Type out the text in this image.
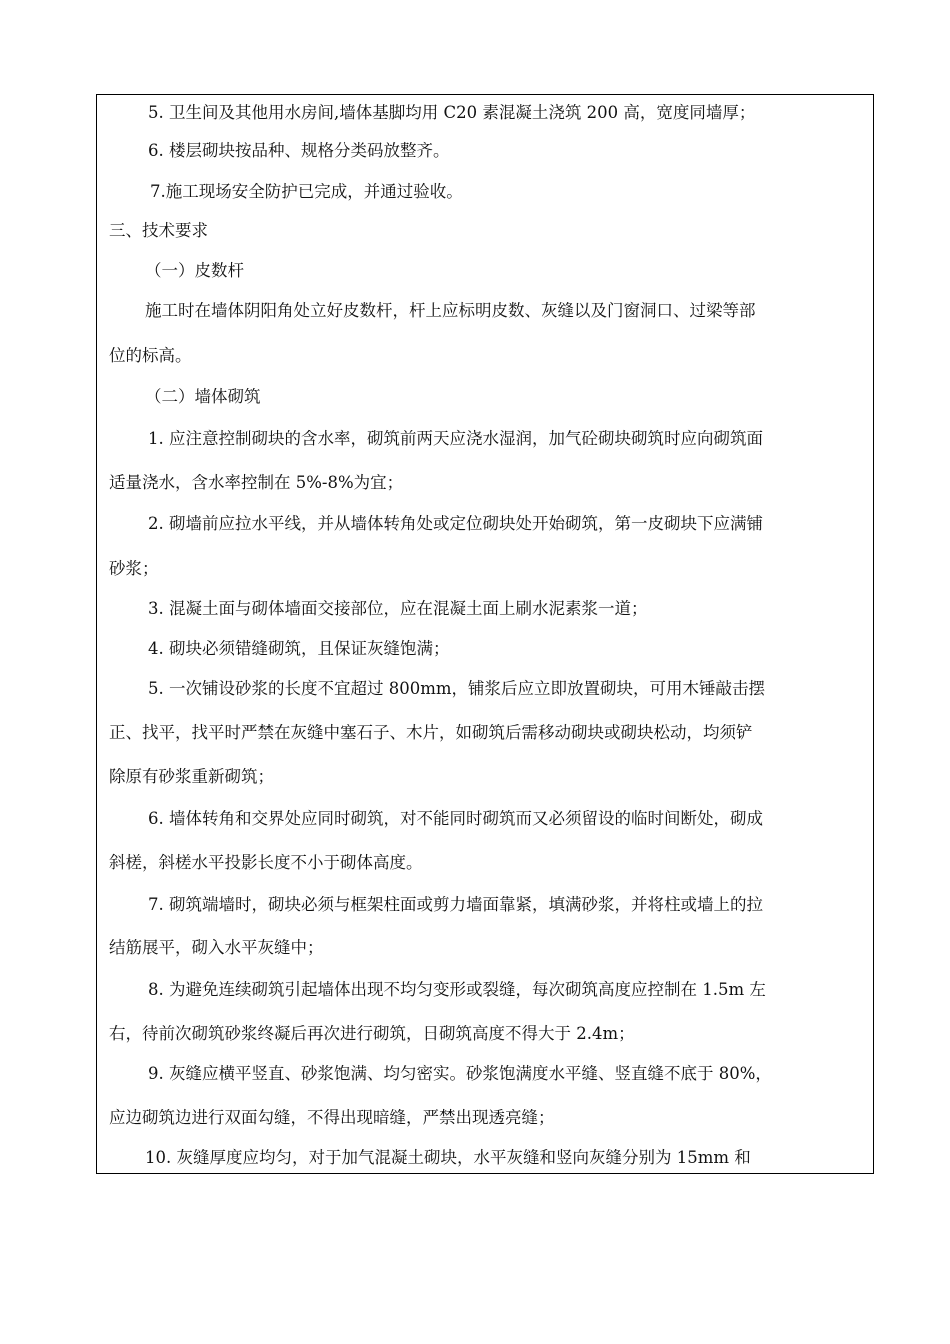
5. 卫生间及其他用水房间,墙体基脚均用 C20 素混凝土浇筑 200 高，宽度同墙厚；
6. 楼层砌块按品种、规格分类码放整齐。
7.施工现场安全防护已完成，并通过验收。
三、技术要求
（一）皮数杆
施工时在墙体阴阳角处立好皮数杆，杆上应标明皮数、灰缝以及门窗洞口、过梁等部
位的标高。
（二）墙体砌筑
1. 应注意控制砌块的含水率，砌筑前两天应浇水湿润，加气砼砌块砌筑时应向砌筑面
适量浇水，含水率控制在 5%-8%为宜；
2. 砌墙前应拉水平线，并从墙体转角处或定位砌块处开始砌筑，第一皮砌块下应满铺
砂浆；
3. 混凝土面与砌体墙面交接部位，应在混凝土面上刷水泥素浆一道；
4. 砌块必须错缝砌筑，且保证灰缝饱满；
5. 一次铺设砂浆的长度不宜超过 800mm，铺浆后应立即放置砌块，可用木锤敲击摆
正、找平，找平时严禁在灰缝中塞石子、木片，如砌筑后需移动砌块或砌块松动，均须铲
除原有砂浆重新砌筑；
6. 墙体转角和交界处应同时砌筑，对不能同时砌筑而又必须留设的临时间断处，砌成
斜槎，斜槎水平投影长度不小于砌体高度。
7. 砌筑端墙时，砌块必须与框架柱面或剪力墙面靠紧，填满砂浆，并将柱或墙上的拉
结筋展平，砌入水平灰缝中；
8. 为避免连续砌筑引起墙体出现不均匀变形或裂缝，每次砌筑高度应控制在 1.5m 左
右，待前次砌筑砂浆终凝后再次进行砌筑，日砌筑高度不得大于 2.4m；
9. 灰缝应横平竖直、砂浆饱满、均匀密实。砂浆饱满度水平缝、竖直缝不底于 80%，
应边砌筑边进行双面勾缝，不得出现暗缝，严禁出现透亮缝；
10. 灰缝厚度应均匀，对于加气混凝土砌块，水平灰缝和竖向灰缝分别为 15mm 和
